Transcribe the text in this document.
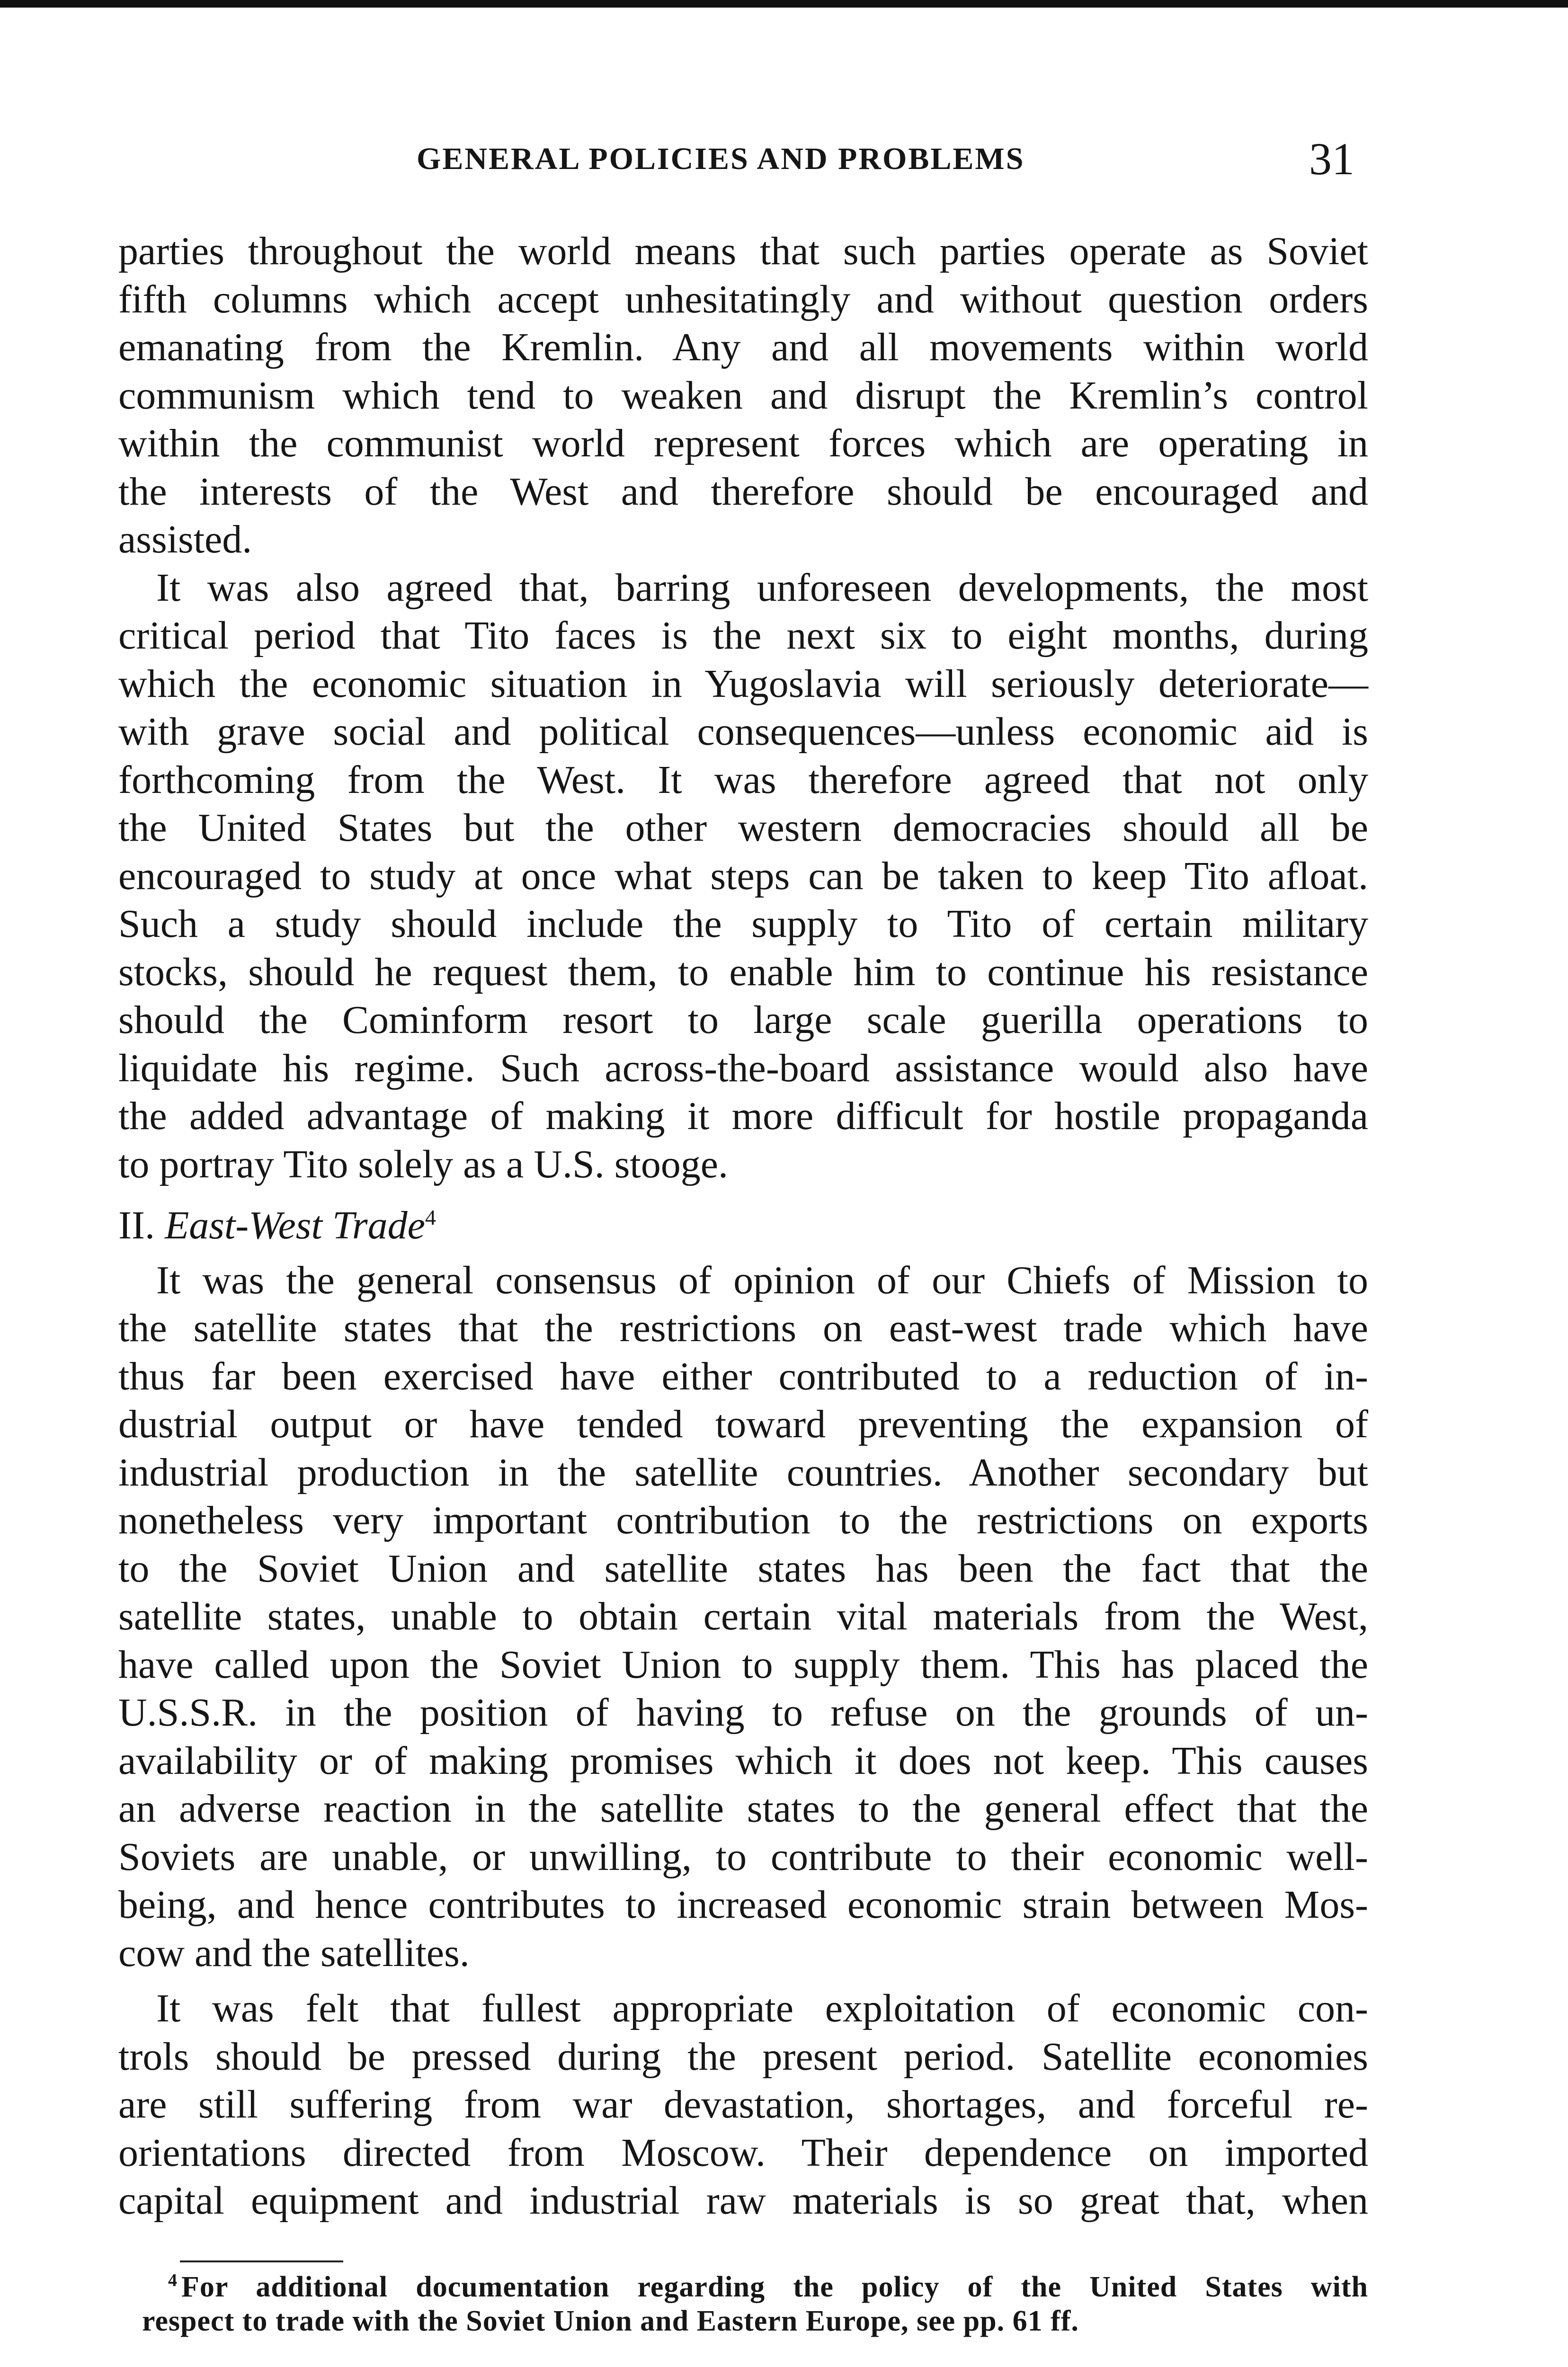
GENERAL POLICIES AND PROBLEMS	31
parties throughout the world means that such parties operate as Soviet
fifth columns which accept unhesitatingly and without question orders
emanating from the Kremlin. Any and all movements within world
communism which tend to weaken and disrupt the Kremlin’s control
within the communist world represent forces which are operating in
the interests of the West and therefore should be encouraged and
assisted.
It was also agreed that, barring unforeseen developments, the most
critical period that Tito faces is the next six to eight months, during
which the economic situation in Yugoslavia will seriously deteriorate—
with grave social and political consequences—unless economic aid is
forthcoming from the West. It was therefore agreed that not only
the United States but the other western democracies should all be
encouraged to study at once what steps can be taken to keep Tito afloat.
Such a study should include the supply to Tito of certain military
stocks, should he request them, to enable him to continue his resistance
should the Cominform resort to large scale guerilla operations to
liquidate his regime. Such across-the-board assistance would also have
the added advantage of making it more difficult for hostile propaganda
to portray Tito solely as a U.S. stooge.
II. East-West Trade$^4$
It was the general consensus of opinion of our Chiefs of Mission to
the satellite states that the restrictions on east-west trade which have
thus far been exercised have either contributed to a reduction of in-
dustrial output or have tended toward preventing the expansion of
industrial production in the satellite countries. Another secondary but
nonetheless very important contribution to the restrictions on exports
to the Soviet Union and satellite states has been the fact that the
satellite states, unable to obtain certain vital materials from the West,
have called upon the Soviet Union to supply them. This has placed the
U.S.S.R. in the position of having to refuse on the grounds of un-
availability or of making promises which it does not keep. This causes
an adverse reaction in the satellite states to the general effect that the
Soviets are unable, or unwilling, to contribute to their economic well-
being, and hence contributes to increased economic strain between Mos-
cow and the satellites.
It was felt that fullest appropriate exploitation of economic con-
trols should be pressed during the present period. Satellite economies
are still suffering from war devastation, shortages, and forceful re-
orientations directed from Moscow. Their dependence on imported
capital equipment and industrial raw materials is so great that, when
$^4$ For additional documentation regarding the policy of the United States with
respect to trade with the Soviet Union and Eastern Europe, see pp. 61 ff.
